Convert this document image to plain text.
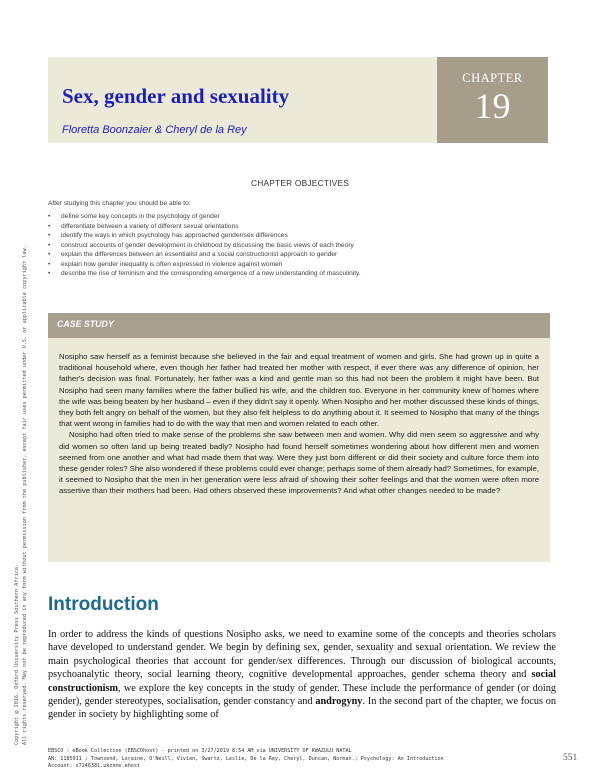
Copyright @ 2016. Oxford University Press Southern Africa. All rights reserved. May not be reproduced in any form without permission from the publisher, except fair uses permitted under U.S. or applicable copyright law.
CHAPTER
19
Sex, gender and sexuality
Floretta Boonzaier & Cheryl de la Rey
CHAPTER OBJECTIVES
After studying this chapter you should be able to:
• define some key concepts in the psychology of gender
• differentiate between a variety of different sexual orientations
• identify the ways in which psychology has approached gender/sex differences
• construct accounts of gender development in childhood by discussing the basic views of each theory
• explain the differences between an essentialist and a social constructionist approach to gender
• explain how gender inequality is often expressed in violence against women
• describe the rise of feminism and the corresponding emergence of a new understanding of masculinity.
CASE STUDY

Nosipho saw herself as a feminist because she believed in the fair and equal treatment of women and girls. She had grown up in quite a traditional household where, even though her father had treated her mother with respect, if ever there was any difference of opinion, her father's decision was final. Fortunately, her father was a kind and gentle man so this had not been the problem it might have been. But Nosipho had seen many families where the father bullied his wife, and the children too. Everyone in her community knew of homes where the wife was being beaten by her husband – even if they didn't say it openly. When Nosipho and her mother discussed these kinds of things, they both felt angry on behalf of the women, but they also felt helpless to do anything about it. It seemed to Nosipho that many of the things that went wrong in families had to do with the way that men and women related to each other.

Nosipho had often tried to make sense of the problems she saw between men and women. Why did men seem so aggressive and why did women so often land up being treated badly? Nosipho had found herself sometimes wondering about how different men and women seemed from one another and what had made them that way. Were they just born different or did their society and culture force them into these gender roles? She also wondered if these problems could ever change; perhaps some of them already had? Sometimes, for example, it seemed to Nosipho that the men in her generation were less afraid of showing their softer feelings and that the women were often more assertive than their mothers had been. Had others observed these improvements? And what other changes needed to be made?

Introduction
In order to address the kinds of questions Nosipho asks, we need to examine some of the concepts and theories scholars have developed to understand gender. We begin by defining sex, gender, sexuality and sexual orientation. We review the main psychological theories that account for gender/sex differences. Through our discussion of biological accounts, psychoanalytic theory, social learning theory, cognitive developmental approaches, gender schema theory and social constructionism, we explore the key concepts in the study of gender. These include the performance of gender (or doing gender), gender stereotypes, socialisation, gender constancy and androgyny. In the second part of the chapter, we focus on gender in society by highlighting some of
EBSCO : eBook Collection (EBSCOhost) - printed on 3/27/2019 8:54 AM via UNIVERSITY OF KWAZULU NATAL
AN: 1185911 ; Townsend, Loraine, O'Neill, Vivien, Swartz, Leslie, De la Rey, Cheryl, Duncan, Norman.; Psychology: An Introduction
Account: s7246381.ukznms.ehost
551
